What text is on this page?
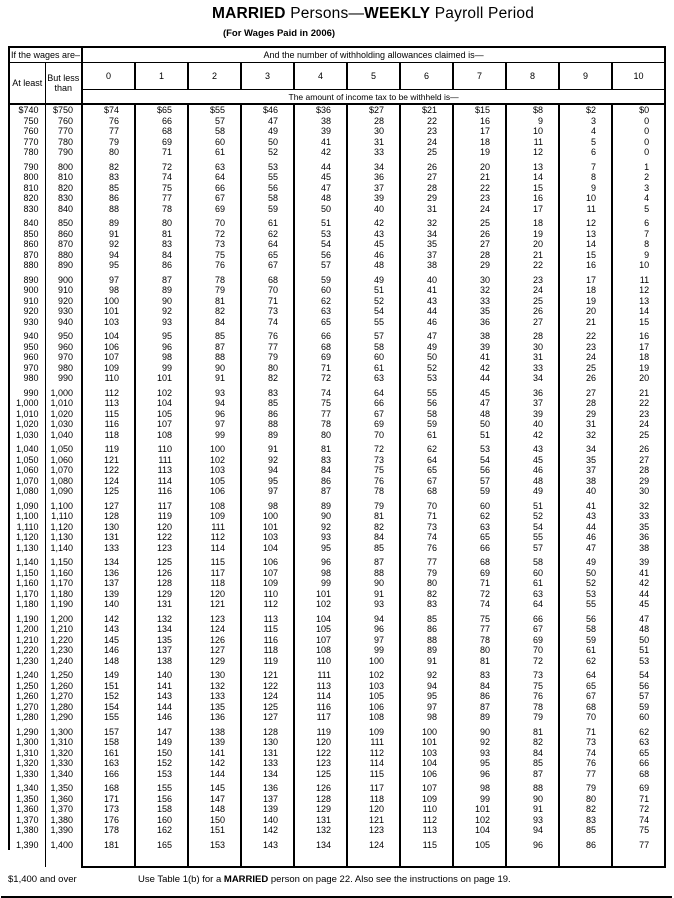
MARRIED Persons—WEEKLY Payroll Period
(For Wages Paid in 2006)
If the wages are–		And the number of withholding allowances claimed is—										
At least	But less than	0	1	2	3	4	5	6	7	8	9	10
		The amount of income tax to be withheld is—										
$740	$750	$74	$65	$55	$46	$36	$27	$21	$15	$8	$2	$0
750	760	76	66	57	47	38	28	22	16	9	3	0
760	770	77	68	58	49	39	30	23	17	10	4	0
770	780	79	69	60	50	41	31	24	18	11	5	0
780	790	80	71	61	52	42	33	25	19	12	6	0
790	800	82	72	63	53	44	34	26	20	13	7	1
800	810	83	74	64	55	45	36	27	21	14	8	2
810	820	85	75	66	56	47	37	28	22	15	9	3
820	830	86	77	67	58	48	39	29	23	16	10	4
830	840	88	78	69	59	50	40	31	24	17	11	5
840	850	89	80	70	61	51	42	32	25	18	12	6
850	860	91	81	72	62	53	43	34	26	19	13	7
860	870	92	83	73	64	54	45	35	27	20	14	8
870	880	94	84	75	65	56	46	37	28	21	15	9
880	890	95	86	76	67	57	48	38	29	22	16	10
890	900	97	87	78	68	59	49	40	30	23	17	11
900	910	98	89	79	70	60	51	41	32	24	18	12
910	920	100	90	81	71	62	52	43	33	25	19	13
920	930	101	92	82	73	63	54	44	35	26	20	14
930	940	103	93	84	74	65	55	46	36	27	21	15
940	950	104	95	85	76	66	57	47	38	28	22	16
950	960	106	96	87	77	68	58	49	39	30	23	17
960	970	107	98	88	79	69	60	50	41	31	24	18
970	980	109	99	90	80	71	61	52	42	33	25	19
980	990	110	101	91	82	72	63	53	44	34	26	20
990	1,000	112	102	93	83	74	64	55	45	36	27	21
1,000	1,010	113	104	94	85	75	66	56	47	37	28	22
1,010	1,020	115	105	96	86	77	67	58	48	39	29	23
1,020	1,030	116	107	97	88	78	69	59	50	40	31	24
1,030	1,040	118	108	99	89	80	70	61	51	42	32	25
1,040	1,050	119	110	100	91	81	72	62	53	43	34	26
1,050	1,060	121	111	102	92	83	73	64	54	45	35	27
1,060	1,070	122	113	103	94	84	75	65	56	46	37	28
1,070	1,080	124	114	105	95	86	76	67	57	48	38	29
1,080	1,090	125	116	106	97	87	78	68	59	49	40	30
1,090	1,100	127	117	108	98	89	79	70	60	51	41	32
1,100	1,110	128	119	109	100	90	81	71	62	52	43	33
1,110	1,120	130	120	111	101	92	82	73	63	54	44	35
1,120	1,130	131	122	112	103	93	84	74	65	55	46	36
1,130	1,140	133	123	114	104	95	85	76	66	57	47	38
1,140	1,150	134	125	115	106	96	87	77	68	58	49	39
1,150	1,160	136	126	117	107	98	88	79	69	60	50	41
1,160	1,170	137	128	118	109	99	90	80	71	61	52	42
1,170	1,180	139	129	120	110	101	91	82	72	63	53	44
1,180	1,190	140	131	121	112	102	93	83	74	64	55	45
1,190	1,200	142	132	123	113	104	94	85	75	66	56	47
1,200	1,210	143	134	124	115	105	96	86	77	67	58	48
1,210	1,220	145	135	126	116	107	97	88	78	69	59	50
1,220	1,230	146	137	127	118	108	99	89	80	70	61	51
1,230	1,240	148	138	129	119	110	100	91	81	72	62	53
1,240	1,250	149	140	130	121	111	102	92	83	73	64	54
1,250	1,260	151	141	132	122	113	103	94	84	75	65	56
1,260	1,270	152	143	133	124	114	105	95	86	76	67	57
1,270	1,280	154	144	135	125	116	106	97	87	78	68	59
1,280	1,290	155	146	136	127	117	108	98	89	79	70	60
1,290	1,300	157	147	138	128	119	109	100	90	81	71	62
1,300	1,310	158	149	139	130	120	111	101	92	82	73	63
1,310	1,320	161	150	141	131	122	112	103	93	84	74	65
1,320	1,330	163	152	142	133	123	114	104	95	85	76	66
1,330	1,340	166	153	144	134	125	115	106	96	87	77	68
1,340	1,350	168	155	145	136	126	117	107	98	88	79	69
1,350	1,360	171	156	147	137	128	118	109	99	90	80	71
1,360	1,370	173	158	148	139	129	120	110	101	91	82	72
1,370	1,380	176	160	150	140	131	121	112	102	93	83	74
1,380	1,390	178	162	151	142	132	123	113	104	94	85	75
1,390	1,400	181	165	153	143	134	124	115	105	96	86	77

$1,400 and over	Use Table 1(b) for a MARRIED person on page 22. Also see the instructions on page 19.
